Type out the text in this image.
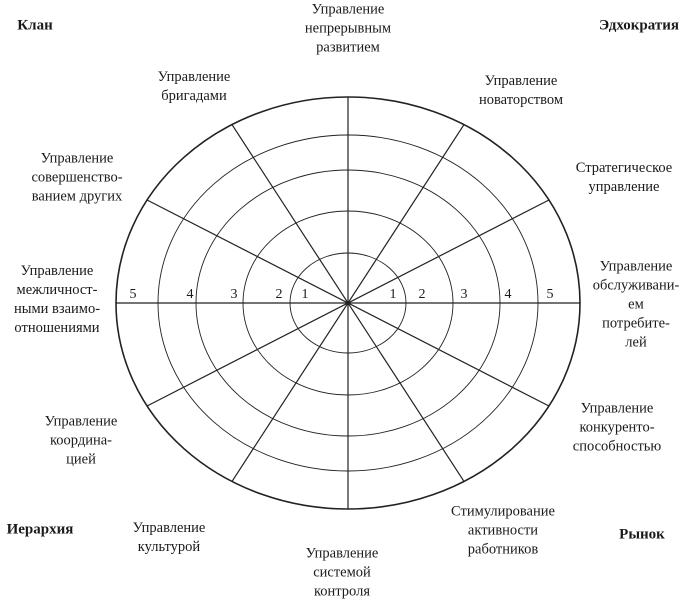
5	4	3	2 1	1 2	3	4	5
Клан	Эдхократия
Иерархия	Рынок
Управление
непрерывным
развитием
Управление
новаторством
Стратегическое
управление
Управление
обслуживани-
ем потребите-
лей
Управление
конкуренто-
способностью
Стимулирование
активности
работников
Управление
системой
контроля
Управление
культурой
Управление
координа-
цией
Управление
межличност-
ными взаимо-
отношениями
Управление
совершенство-
ванием других
Управление
бригадами
